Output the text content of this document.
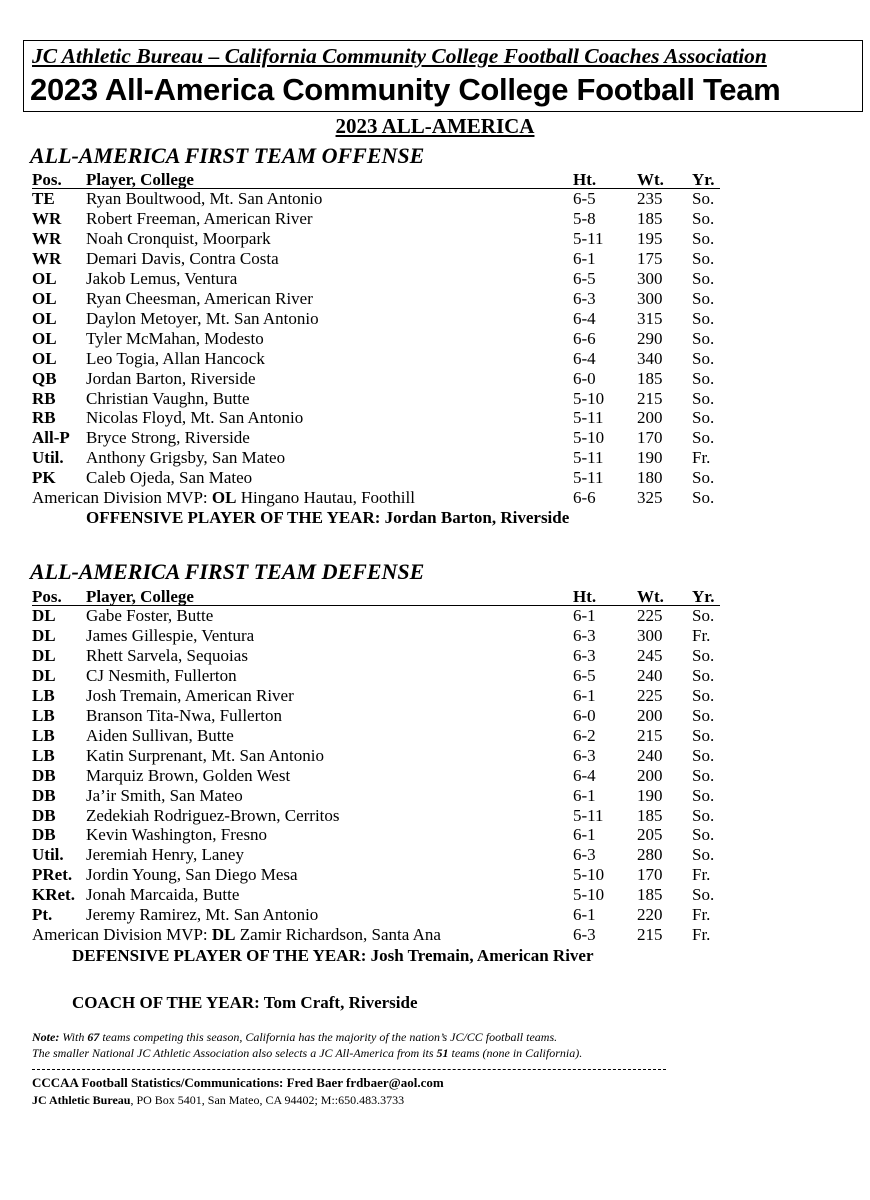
JC Athletic Bureau – California Community College Football Coaches Association
2023 All-America Community College Football Team
2023 ALL-AMERICA
ALL-AMERICA FIRST TEAM OFFENSE
Pos. Player, College	Ht. Wt. Yr.
TE Ryan Boultwood, Mt. San Antonio	6-5 235 So.
WR Robert Freeman, American River	5-8 185 So.
WR Noah Cronquist, Moorpark	5-11 195 So.
WR Demari Davis, Contra Costa	6-1 175 So.
OL Jakob Lemus, Ventura	6-5 300 So.
OL Ryan Cheesman, American River	6-3 300 So.
OL Daylon Metoyer, Mt. San Antonio	6-4 315 So.
OL Tyler McMahan, Modesto	6-6 290 So.
OL Leo Togia, Allan Hancock	6-4 340 So.
QB Jordan Barton, Riverside	6-0 185 So.
RB Christian Vaughn, Butte	5-10 215 So.
RB Nicolas Floyd, Mt. San Antonio	5-11 200 So.
All-P Bryce Strong, Riverside	5-10 170 So.
Util. Anthony Grigsby, San Mateo	5-11 190 Fr.
PK Caleb Ojeda, San Mateo	5-11 180 So.
American Division MVP: OL Hingano Hautau, Foothill	6-6 325 So.
OFFENSIVE PLAYER OF THE YEAR: Jordan Barton, Riverside
ALL-AMERICA FIRST TEAM DEFENSE
Pos. Player, College	Ht. Wt. Yr.
DL Gabe Foster, Butte	6-1 225 So.
DL James Gillespie, Ventura	6-3 300 Fr.
DL Rhett Sarvela, Sequoias	6-3 245 So.
DL CJ Nesmith, Fullerton	6-5 240 So.
LB Josh Tremain, American River	6-1 225 So.
LB Branson Tita-Nwa, Fullerton	6-0 200 So.
LB Aiden Sullivan, Butte	6-2 215 So.
LB Katin Surprenant, Mt. San Antonio	6-3 240 So.
DB Marquiz Brown, Golden West	6-4 200 So.
DB Ja’ir Smith, San Mateo	6-1 190 So.
DB Zedekiah Rodriguez-Brown, Cerritos	5-11 185 So.
DB Kevin Washington, Fresno	6-1 205 So.
Util. Jeremiah Henry, Laney	6-3 280 So.
PRet. Jordin Young, San Diego Mesa	5-10 170 Fr.
KRet. Jonah Marcaida, Butte	5-10 185 So.
Pt. Jeremy Ramirez, Mt. San Antonio	6-1 220 Fr.
American Division MVP: DL Zamir Richardson, Santa Ana	6-3 215 Fr.
DEFENSIVE PLAYER OF THE YEAR: Josh Tremain, American River
COACH OF THE YEAR: Tom Craft, Riverside
Note: With 67 teams competing this season, California has the majority of the nation’s JC/CC football teams.
The smaller National JC Athletic Association also selects a JC All-America from its 51 teams (none in California).
CCCAA Football Statistics/Communications: Fred Baer frdbaer@aol.com
JC Athletic Bureau, PO Box 5401, San Mateo, CA 94402; M::650.483.3733
